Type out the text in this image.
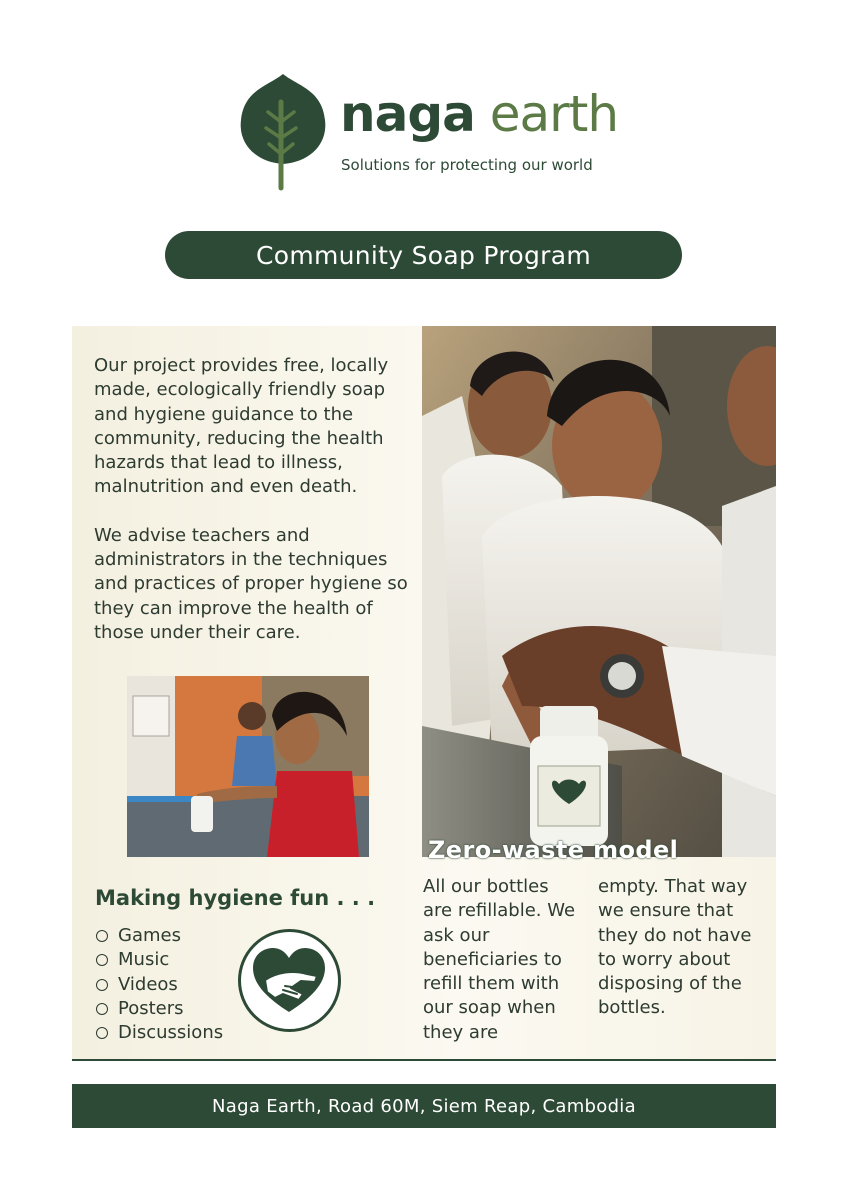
naga earth
Solutions for protecting our world
Community Soap Program

Our project provides free, locally made, ecologically friendly soap and hygiene guidance to the community, reducing the health hazards that lead to illness, malnutrition and even death.

We advise teachers and administrators in the techniques and practices of proper hygiene so they can improve the health of those under their care.

Zero-waste model
Making hygiene fun . . .
Games
Music
Videos
Posters
Discussions
All our bottles are refillable. We ask our beneficiaries to refill them with our soap when they are
empty. That way we ensure that they do not have to worry about disposing of the bottles.
Naga Earth, Road 60M, Siem Reap, Cambodia
